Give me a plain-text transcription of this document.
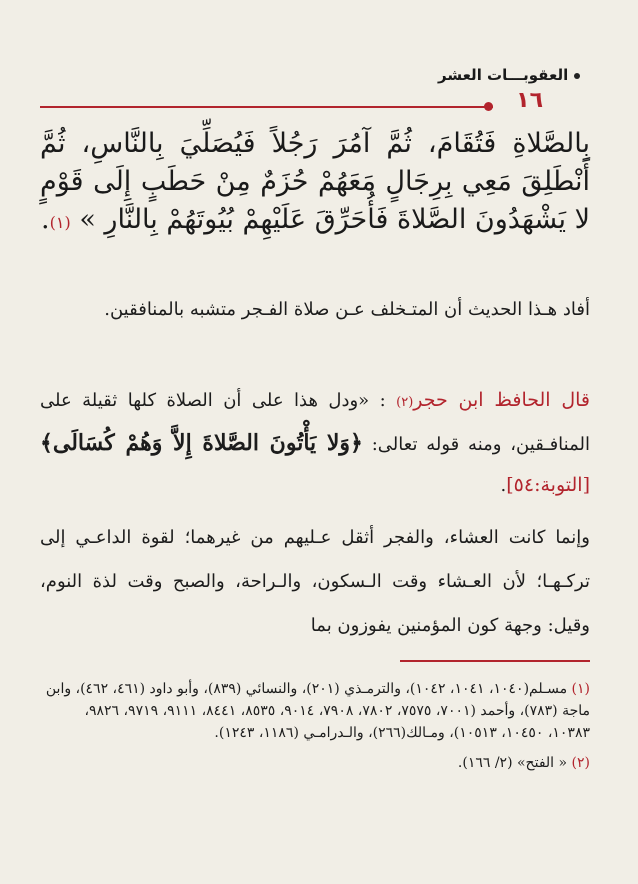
العقوبـــات العشر
١٦
بِالصَّلاةِ فَتُقَامَ، ثُمَّ آمُرَ رَجُلاً فَيُصَلِّيَ بِالنَّاسِ، ثُمَّ أَنْطَلِقَ مَعِي بِرِجَالٍ مَعَهُمْ حُزَمٌ مِنْ حَطَبٍ إِلَى قَوْمٍ لا يَشْهَدُونَ الصَّلاةَ فَأُحَرِّقَ عَلَيْهِمْ بُيُوتَهُمْ بِالنَّارِ » (١).
أفاد هـذا الحديث أن المتـخلف عـن صلاة الفـجر متشبه بالمنافقين.
قال الحافظ ابن حجر(٢) : «ودل هذا على أن الصلاة كلها ثقيلة على المنافـقين، ومنه قوله تعالى: ﴿وَلا يَأْتُونَ الصَّلاةَ إِلاَّ وَهُمْ كُسَالَى﴾ [التوبة:٥٤].
وإنما كانت العشاء، والفجر أثقل عـليهم من غيرهما؛ لقوة الداعـي إلى تركـهـا؛ لأن العـشاء وقت الـسكون، والـراحة، والصبح وقت لذة النوم، وقيل: وجهة كون المؤمنين يفوزون بما

(١) مسـلم(١٠٤٠، ١٠٤١، ١٠٤٢)، والترمـذي (٢٠١)، والنسائي (٨٣٩)، وأبو داود (٤٦١، ٤٦٢)، وابن ماجة (٧٨٣)، وأحمد (٧٠٠١، ٧٥٧٥، ٧٨٠٢، ٧٩٠٨، ٩٠١٤، ٨٥٣٥، ٨٤٤١، ٩١١١، ٩٧١٩، ٩٨٢٦، ١٠٣٨٣، ١٠٤٥٠، ١٠٥١٣)، ومـالك(٢٦٦)، والـدرامـي (١١٨٦، ١٢٤٣).

(٢) « الفتح» (٢/ ١٦٦).
